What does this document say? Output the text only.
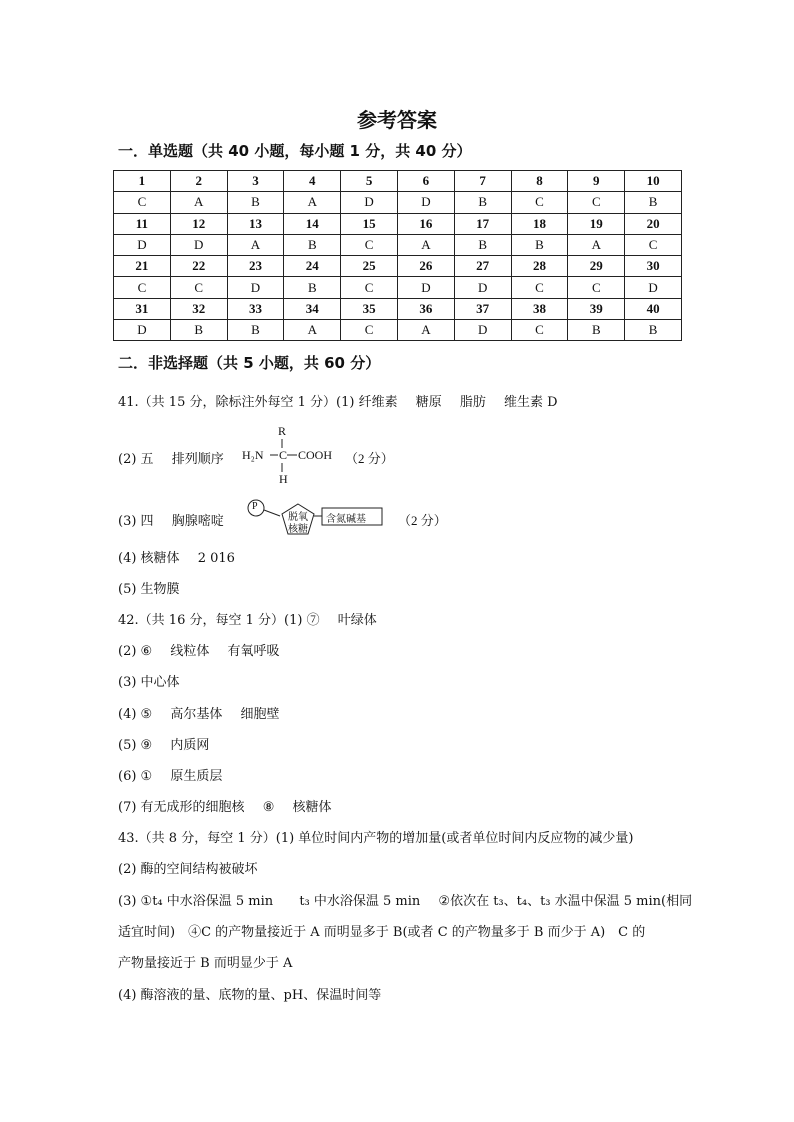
参考答案
一．单选题（共 40 小题，每小题 1 分，共 40 分）
1	2	3	4	5	6	7	8	9	10
C	A	B	A	D	D	B	C	C	B
11	12	13	14	15	16	17	18	19	20
D	D	A	B	C	A	B	B	A	C
21	22	23	24	25	26	27	28	29	30
C	C	D	B	C	D	D	C	C	D
31	32	33	34	35	36	37	38	39	40
D	B	B	A	C	A	D	C	B	B
二．非选择题（共 5 小题，共 60 分）
41.（共 15 分，除标注外每空 1 分）(1) 纤维素 糖原 脂肪 维生素 D
(2) 五 排列顺序
R
H₂N C COOH
H
（2 分）
(3) 四 胸腺嘧啶
P
脱氧
核糖
含氮碱基 （2 分）
(4) 核糖体 2 016
(5) 生物膜
42.（共 16 分，每空 1 分）(1) ⑦ 叶绿体
(2) ⑥ 线粒体 有氧呼吸
(3) 中心体
(4) ⑤ 高尔基体 细胞壁
(5) ⑨ 内质网
(6) ① 原生质层
(7) 有无成形的细胞核 ⑧ 核糖体
43.（共 8 分，每空 1 分）(1) 单位时间内产物的增加量(或者单位时间内反应物的减少量)
(2) 酶的空间结构被破坏
(3) ①t₄ 中水浴保温 5 min t₃ 中水浴保温 5 min ②依次在 t₃、t₄、t₃ 水温中保温 5 min(相同
适宜时间)　④C 的产物量接近于 A 而明显多于 B(或者 C 的产物量多于 B 而少于 A)　C 的
产物量接近于 B 而明显少于 A
(4) 酶溶液的量、底物的量、pH、保温时间等
